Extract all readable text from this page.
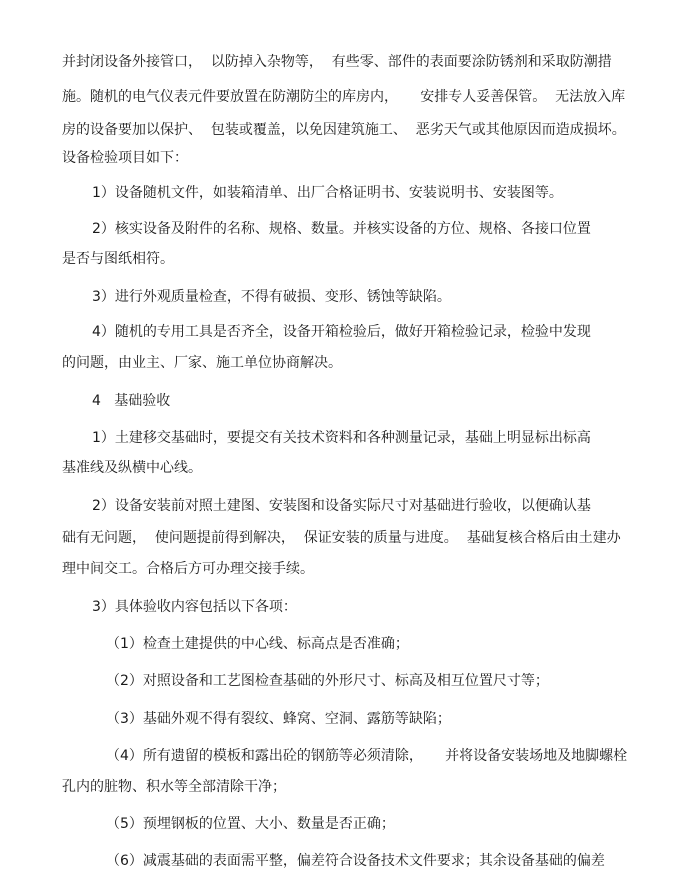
并封闭设备外接管口，  以防掉入杂物等，  有些零、部件的表面要涂防锈剂和采取防潮措
施。随机的电气仪表元件要放置在防潮防尘的库房内，     安排专人妥善保管。  无法放入库
房的设备要加以保护、  包装或覆盖，以免因建筑施工、  恶劣天气或其他原因而造成损坏。
设备检验项目如下：
1）设备随机文件，如装箱清单、出厂合格证明书、安装说明书、安装图等。
2）核实设备及附件的名称、规格、数量。并核实设备的方位、规格、各接口位置
是否与图纸相符。
3）进行外观质量检查，不得有破损、变形、锈蚀等缺陷。
4）随机的专用工具是否齐全，设备开箱检验后，做好开箱检验记录，检验中发现
的问题，由业主、厂家、施工单位协商解决。
4   基础验收
1）土建移交基础时，要提交有关技术资料和各种测量记录，基础上明显标出标高
基准线及纵横中心线。
2）设备安装前对照土建图、安装图和设备实际尺寸对基础进行验收，以便确认基
础有无问题，  使问题提前得到解决，  保证安装的质量与进度。  基础复核合格后由土建办
理中间交工。合格后方可办理交接手续。
3）具体验收内容包括以下各项：
（1）检查土建提供的中心线、标高点是否准确；
（2）对照设备和工艺图检查基础的外形尺寸、标高及相互位置尺寸等；
（3）基础外观不得有裂纹、蜂窝、空洞、露筋等缺陷；
（4）所有遗留的模板和露出砼的钢筋等必须清除，     并将设备安装场地及地脚螺栓
孔内的脏物、积水等全部清除干净；
（5）预埋钢板的位置、大小、数量是否正确；
（6）减震基础的表面需平整，偏差符合设备技术文件要求；其余设备基础的偏差
